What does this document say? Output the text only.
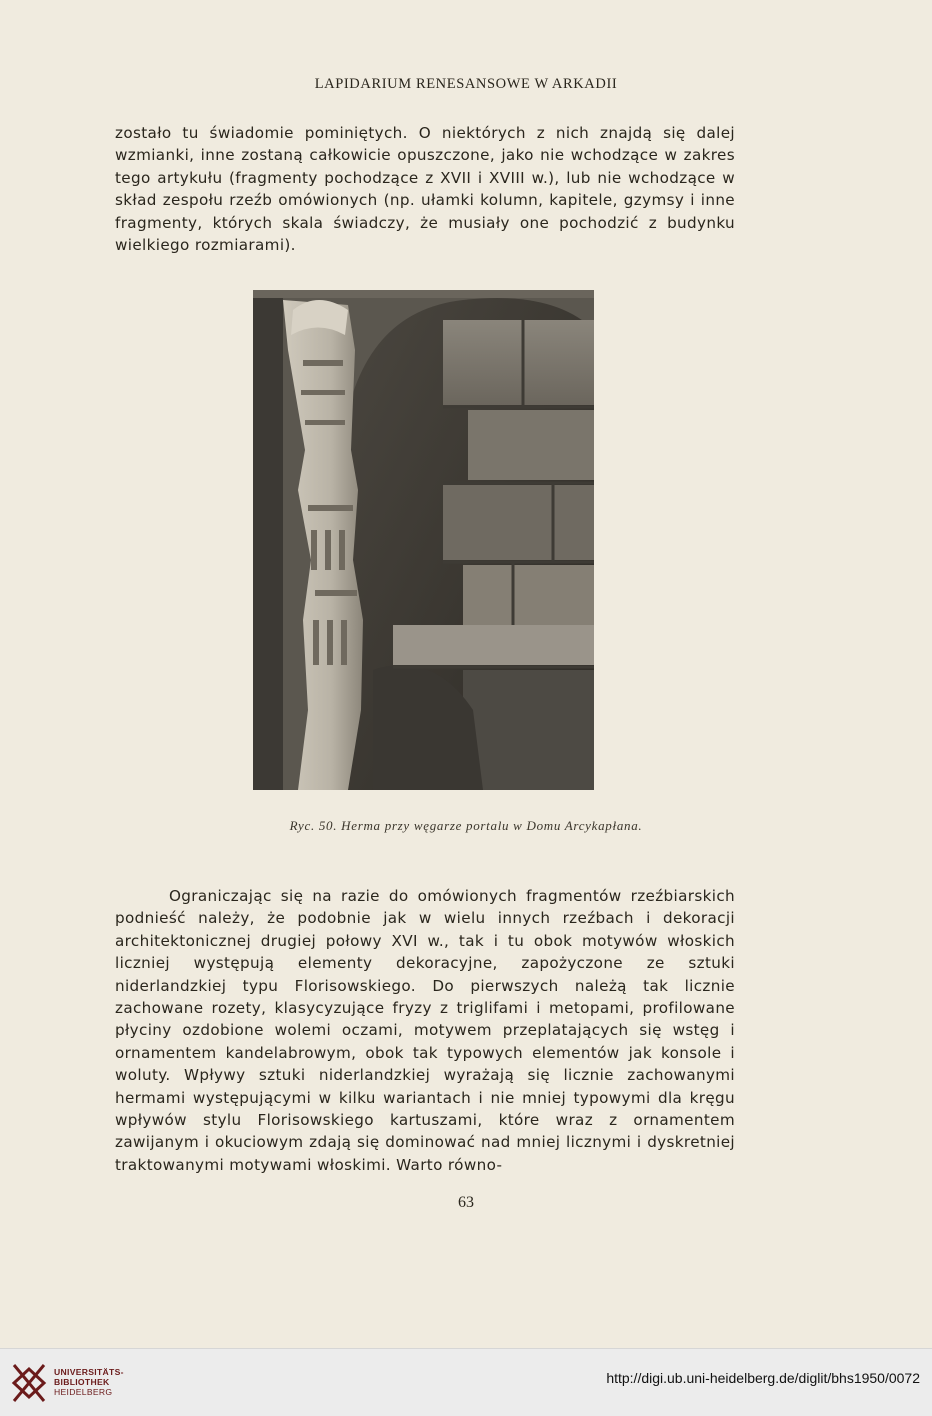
LAPIDARIUM RENESANSOWE W ARKADII

zostało tu świadomie pominiętych. O niektórych z nich znajdą się dalej wzmianki, inne zostaną całkowicie opuszczone, jako nie wchodzące w zakres tego artykułu (fragmenty pochodzące z XVII i XVIII w.), lub nie wchodzące w skład zespołu rzeźb omówionych (np. ułamki kolumn, kapitele, gzymsy i inne fragmenty, których skala świadczy, że musiały one pochodzić z budynku wielkiego rozmiarami).

Ryc. 50. Herma przy węgarze portalu w Domu Arcykapłana.

Ograniczając się na razie do omówionych fragmentów rzeźbiarskich podnieść należy, że podobnie jak w wielu innych rzeźbach i dekoracji architektonicznej drugiej połowy XVI w., tak i tu obok motywów włoskich liczniej występują elementy dekoracyjne, zapożyczone ze sztuki niderlandzkiej typu Florisowskiego. Do pierwszych należą tak licznie zachowane rozety, klasycyzujące fryzy z triglifami i metopami, profilowane płyciny ozdobione wolemi oczami, motywem przeplatających się wstęg i ornamentem kandelabrowym, obok tak typowych elementów jak konsole i woluty. Wpływy sztuki niderlandzkiej wyrażają się licznie zachowanymi hermami występującymi w kilku wariantach i nie mniej typowymi dla kręgu wpływów stylu Florisowskiego kartuszami, które wraz z ornamentem zawijanym i okuciowym zdają się dominować nad mniej licznymi i dyskretniej traktowanymi motywami włoskimi. Warto równo-

63
UNIVERSITÄTS-
BIBLIOTHEK
HEIDELBERG
http://digi.ub.uni-heidelberg.de/diglit/bhs1950/0072
